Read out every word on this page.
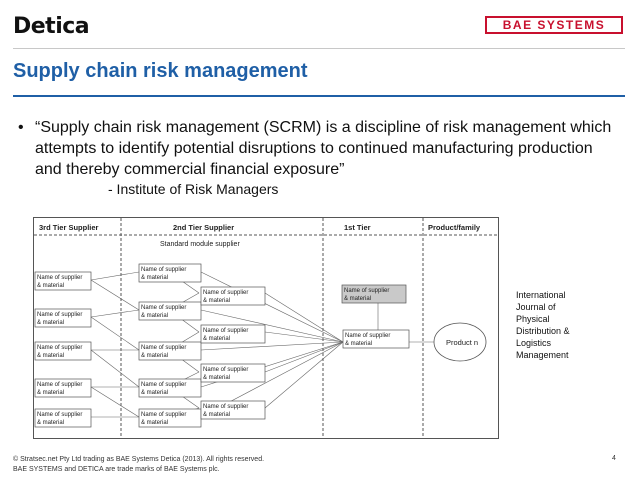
Detica	BAE SYSTEMS
Supply chain risk management
• “Supply chain risk management (SCRM) is a discipline of risk management which attempts to identify potential disruptions to continued manufacturing production and thereby commercial financial exposure”
- Institute of Risk Managers
3rd Tier Supplier	2nd Tier Supplier	1st Tier	Product/family
Standard module supplier
Name of supplier
& material
Name of supplier
& material
Name of supplier
& material
Name of supplier
& material
Name of supplier
& material
Name of supplier
& material
Name of supplier
& material
Name of supplier
& material
Name of supplier
& material
Name of supplier
& material
Name of supplier
& material
Name of supplier
& material
Name of supplier
& material
Name of supplier
& material
Name of supplier
& material
Name of supplier
& material	Product n
International
Journal of
Physical
Distribution &
Logistics
Management
© Stratsec.net Pty Ltd trading as BAE Systems Detica (2013). All rights reserved.
BAE SYSTEMS and DETICA are trade marks of BAE Systems plc.
4
